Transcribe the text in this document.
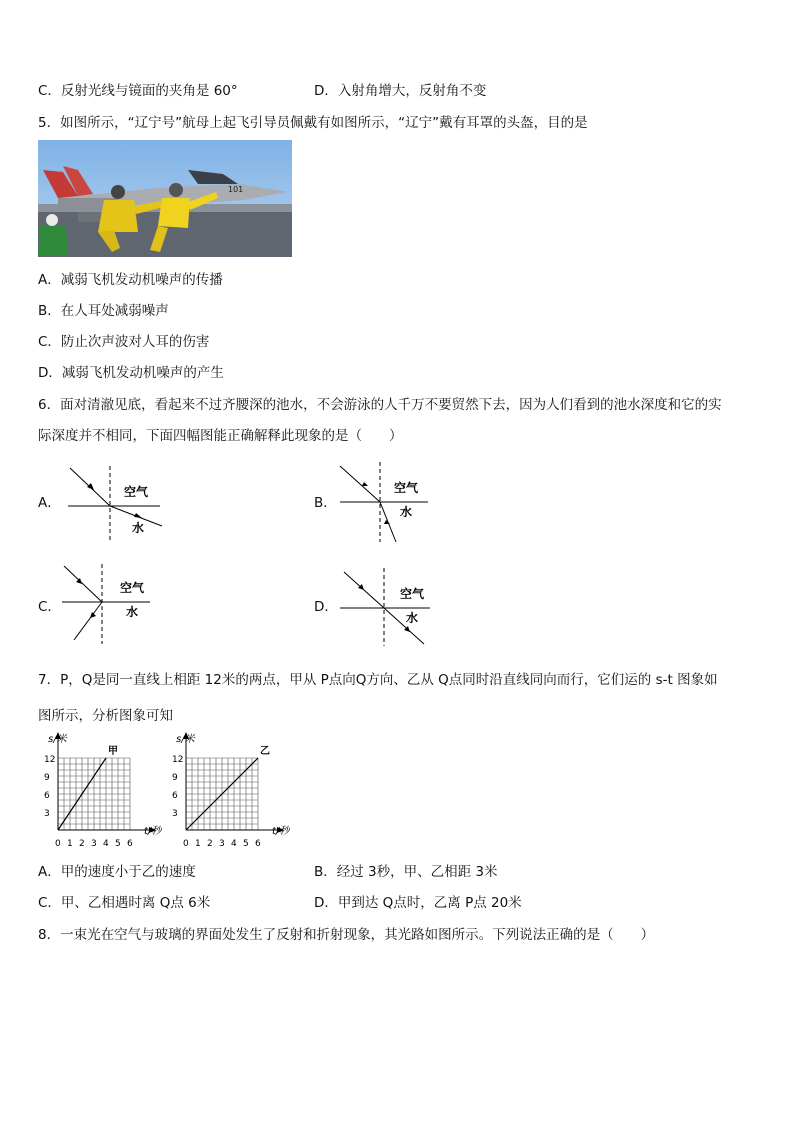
C．反射光线与镜面的夹角是 60°	D．入射角增大，反射角不变
5．如图所示，“辽宁号”航母上起飞引导员佩戴有如图所示，“辽宁”戴有耳罩的头盔，目的是
101
A．减弱飞机发动机噪声的传播
B．在人耳处减弱噪声
C．防止次声波对人耳的伤害
D．减弱飞机发动机噪声的产生
6．面对清澈见底，看起来不过齐腰深的池水，不会游泳的人千万不要贸然下去，因为人们看到的池水深度和它的实
际深度并不相同，下面四幅图能正确解释此现象的是（　　）
A．
空气
水
B．
空气
水
C．
空气
水	D．
空气
水
7．P，Q是同一直线上相距 12米的两点，甲从 P点向Q方向、乙从 Q点同时沿直线同向而行，它们运的 s-t 图象如
图所示，分析图象可知
s/米
t/秒
12
9
6
3
0 1 2 3 4 5 6
甲
s/米
t/秒
12
9
6
3
0 1 2 3 4 5 6
乙
A．甲的速度小于乙的速度	B．经过 3秒，甲、乙相距 3米
C．甲、乙相遇时离 Q点 6米	D．甲到达 Q点时，乙离 P点 20米
8．一束光在空气与玻璃的界面处发生了反射和折射现象，其光路如图所示。下列说法正确的是（　　）
